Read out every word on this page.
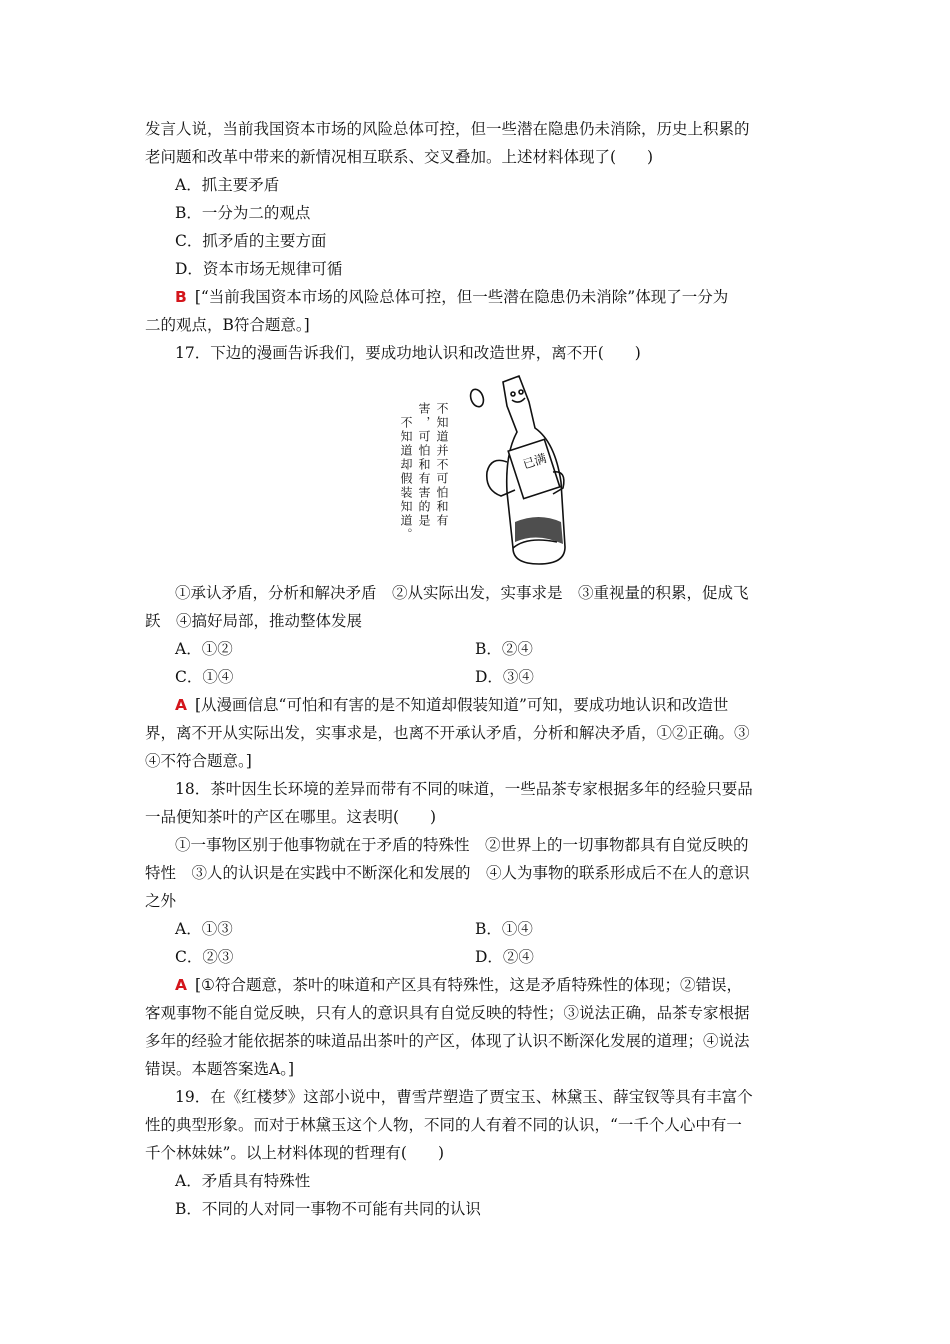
发言人说，当前我国资本市场的风险总体可控，但一些潜在隐患仍未消除，历史上积累的
老问题和改革中带来的新情况相互联系、交叉叠加。上述材料体现了(　　)
A．抓主要矛盾
B．一分为二的观点
C．抓矛盾的主要方面
D．资本市场无规律可循
B [“当前我国资本市场的风险总体可控，但一些潜在隐患仍未消除”体现了一分为
二的观点，B符合题意。]
17．下边的漫画告诉我们，要成功地认识和改造世界，离不开(　　)
不知道却假装知道。 害，可怕和有害的是 不知道并不可怕和有	已满
①承认矛盾，分析和解决矛盾　②从实际出发，实事求是　③重视量的积累，促成飞
跃　④搞好局部，推动整体发展
A．①②	B．②④
C．①④	D．③④
A [从漫画信息“可怕和有害的是不知道却假装知道”可知，要成功地认识和改造世
界，离不开从实际出发，实事求是，也离不开承认矛盾，分析和解决矛盾，①②正确。③
④不符合题意。]
18．茶叶因生长环境的差异而带有不同的味道，一些品茶专家根据多年的经验只要品
一品便知茶叶的产区在哪里。这表明(　　)
①一事物区别于他事物就在于矛盾的特殊性　②世界上的一切事物都具有自觉反映的
特性　③人的认识是在实践中不断深化和发展的　④人为事物的联系形成后不在人的意识
之外
A．①③	B．①④
C．②③	D．②④
A [①符合题意，茶叶的味道和产区具有特殊性，这是矛盾特殊性的体现；②错误，
客观事物不能自觉反映，只有人的意识具有自觉反映的特性；③说法正确，品茶专家根据
多年的经验才能依据茶的味道品出茶叶的产区，体现了认识不断深化发展的道理；④说法
错误。本题答案选A。]
19．在《红楼梦》这部小说中，曹雪芹塑造了贾宝玉、林黛玉、薛宝钗等具有丰富个
性的典型形象。而对于林黛玉这个人物，不同的人有着不同的认识，“一千个人心中有一
千个林妹妹”。以上材料体现的哲理有(　　)
A．矛盾具有特殊性
B．不同的人对同一事物不可能有共同的认识
